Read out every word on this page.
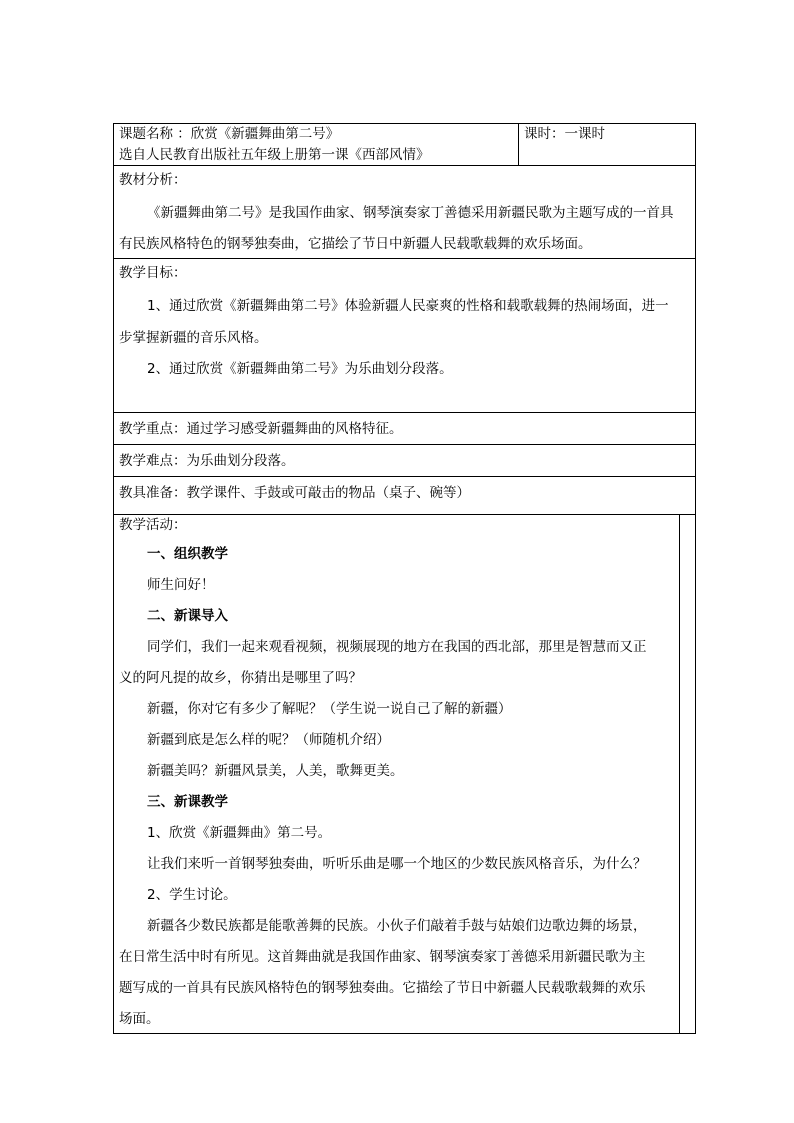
课题名称 ：欣赏《新疆舞曲第二号》
选自人民教育出版社五年级上册第一课《西部风情》
课时：一课时
教材分析：
《新疆舞曲第二号》是我国作曲家、钢琴演奏家丁善德采用新疆民歌为主题写成的一首具
有民族风格特色的钢琴独奏曲，它描绘了节日中新疆人民载歌载舞的欢乐场面。
教学目标：
1、通过欣赏《新疆舞曲第二号》体验新疆人民豪爽的性格和载歌载舞的热闹场面，进一
步掌握新疆的音乐风格。
2、通过欣赏《新疆舞曲第二号》为乐曲划分段落。
教学重点：通过学习感受新疆舞曲的风格特征。
教学难点：为乐曲划分段落。
教具准备：教学课件、手鼓或可敲击的物品（桌子、碗等）
教学活动：
一、组织教学
师生问好！
二、新课导入
同学们，我们一起来观看视频，视频展现的地方在我国的西北部，那里是智慧而又正
义的阿凡提的故乡，你猜出是哪里了吗？
新疆，你对它有多少了解呢？（学生说一说自己了解的新疆）
新疆到底是怎么样的呢？（师随机介绍）
新疆美吗？新疆风景美，人美，歌舞更美。
三、新课教学
1、欣赏《新疆舞曲》第二号。
让我们来听一首钢琴独奏曲，听听乐曲是哪一个地区的少数民族风格音乐，为什么？
2、学生讨论。
新疆各少数民族都是能歌善舞的民族。小伙子们敲着手鼓与姑娘们边歌边舞的场景，
在日常生活中时有所见。这首舞曲就是我国作曲家、钢琴演奏家丁善德采用新疆民歌为主
题写成的一首具有民族风格特色的钢琴独奏曲。它描绘了节日中新疆人民载歌载舞的欢乐
场面。
